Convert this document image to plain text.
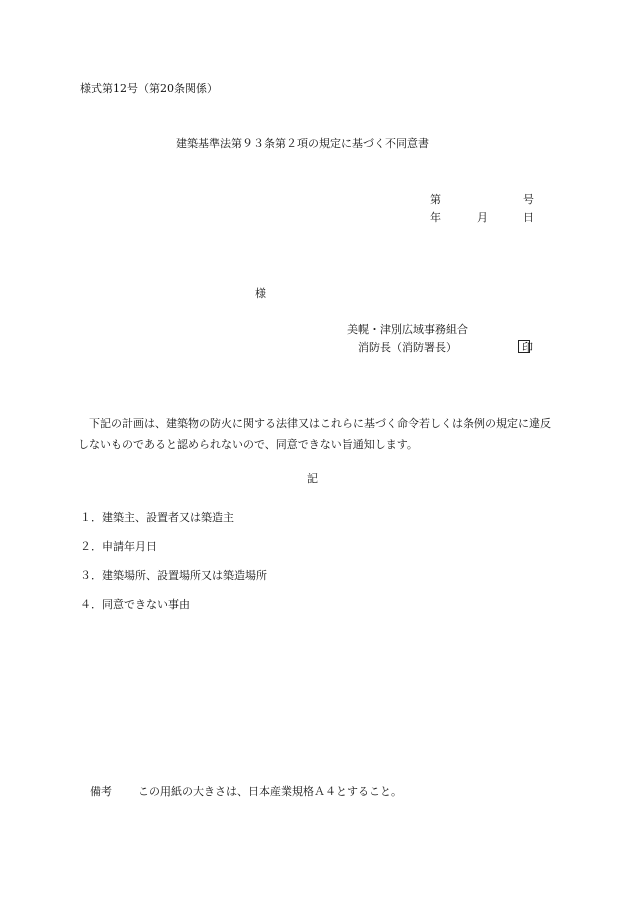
様式第12号（第20条関係）
建築基準法第９３条第２項の規定に基づく不同意書
第	号
年	月	日
様
美幌・津別広域事務組合
消防長（消防署長）	印
　下記の計画は、建築物の防火に関する法律又はこれらに基づく命令若しくは条例の規定に違反しないものであると認められないので、同意できない旨通知します。
記
１．建築主、設置者又は築造主
２．申請年月日
３．建築場所、設置場所又は築造場所
４．同意できない事由
備考 この用紙の大きさは、日本産業規格Ａ４とすること。
